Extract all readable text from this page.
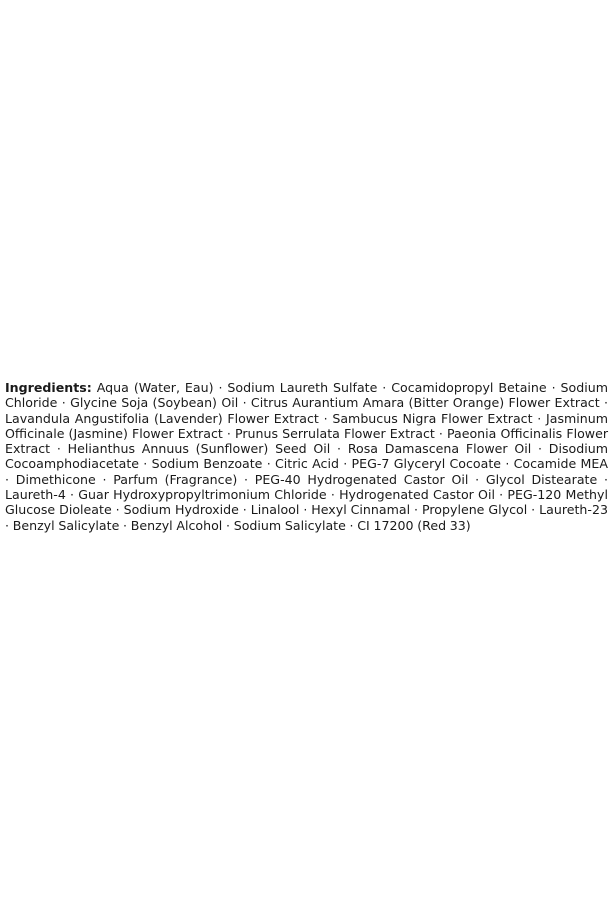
Ingredients: Aqua (Water, Eau) · Sodium Laureth Sulfate · Cocamidopropyl Betaine · Sodium Chloride · Glycine Soja (Soybean) Oil · Citrus Aurantium Amara (Bitter Orange) Flower Extract · Lavandula Angustifolia (Lavender) Flower Extract · Sambucus Nigra Flower Extract · Jasminum Officinale (Jasmine) Flower Extract · Prunus Serrulata Flower Extract · Paeonia Officinalis Flower Extract · Helianthus Annuus (Sunflower) Seed Oil · Rosa Damascena Flower Oil · Disodium Cocoamphodiacetate · Sodium Benzoate · Citric Acid · PEG-7 Glyceryl Cocoate · Cocamide MEA · Dimethicone · Parfum (Fragrance) · PEG-40 Hydrogenated Castor Oil · Glycol Distearate · Laureth-4 · Guar Hydroxypropyltrimonium Chloride · Hydrogenated Castor Oil · PEG-120 Methyl Glucose Dioleate · Sodium Hydroxide · Linalool · Hexyl Cinnamal · Propylene Glycol · Laureth-23 · Benzyl Salicylate · Benzyl Alcohol · Sodium Salicylate · CI 17200 (Red 33)
